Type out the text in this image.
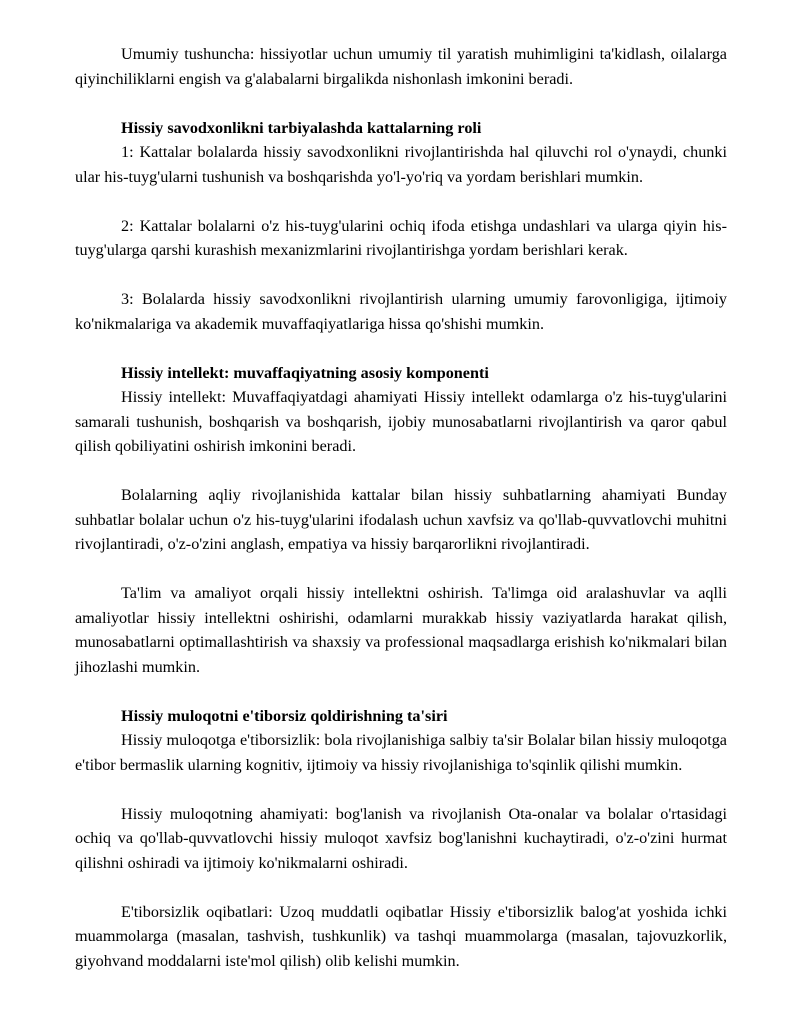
Umumiy tushuncha: hissiyotlar uchun umumiy til yaratish muhimligini ta'kidlash, oilalarga qiyinchiliklarni engish va g'alabalarni birgalikda nishonlash imkonini beradi.

Hissiy savodxonlikni tarbiyalashda kattalarning roli

1: Kattalar bolalarda hissiy savodxonlikni rivojlantirishda hal qiluvchi rol o'ynaydi, chunki ular his-tuyg'ularni tushunish va boshqarishda yo'l-yo'riq va yordam berishlari mumkin.

2: Kattalar bolalarni o'z his-tuyg'ularini ochiq ifoda etishga undashlari va ularga qiyin his-tuyg'ularga qarshi kurashish mexanizmlarini rivojlantirishga yordam berishlari kerak.

3: Bolalarda hissiy savodxonlikni rivojlantirish ularning umumiy farovonligiga, ijtimoiy ko'nikmalariga va akademik muvaffaqiyatlariga hissa qo'shishi mumkin.

Hissiy intellekt: muvaffaqiyatning asosiy komponenti

Hissiy intellekt: Muvaffaqiyatdagi ahamiyati Hissiy intellekt odamlarga o'z his-tuyg'ularini samarali tushunish, boshqarish va boshqarish, ijobiy munosabatlarni rivojlantirish va qaror qabul qilish qobiliyatini oshirish imkonini beradi.

Bolalarning aqliy rivojlanishida kattalar bilan hissiy suhbatlarning ahamiyati Bunday suhbatlar bolalar uchun o'z his-tuyg'ularini ifodalash uchun xavfsiz va qo'llab-quvvatlovchi muhitni rivojlantiradi, o'z-o'zini anglash, empatiya va hissiy barqarorlikni rivojlantiradi.

Ta'lim va amaliyot orqali hissiy intellektni oshirish. Ta'limga oid aralashuvlar va aqlli amaliyotlar hissiy intellektni oshirishi, odamlarni murakkab hissiy vaziyatlarda harakat qilish, munosabatlarni optimallashtirish va shaxsiy va professional maqsadlarga erishish ko'nikmalari bilan jihozlashi mumkin.

Hissiy muloqotni e'tiborsiz qoldirishning ta'siri

Hissiy muloqotga e'tiborsizlik: bola rivojlanishiga salbiy ta'sir Bolalar bilan hissiy muloqotga e'tibor bermaslik ularning kognitiv, ijtimoiy va hissiy rivojlanishiga to'sqinlik qilishi mumkin.

Hissiy muloqotning ahamiyati: bog'lanish va rivojlanish Ota-onalar va bolalar o'rtasidagi ochiq va qo'llab-quvvatlovchi hissiy muloqot xavfsiz bog'lanishni kuchaytiradi, o'z-o'zini hurmat qilishni oshiradi va ijtimoiy ko'nikmalarni oshiradi.

E'tiborsizlik oqibatlari: Uzoq muddatli oqibatlar Hissiy e'tiborsizlik balog'at yoshida ichki muammolarga (masalan, tashvish, tushkunlik) va tashqi muammolarga (masalan, tajovuzkorlik, giyohvand moddalarni iste'mol qilish) olib kelishi mumkin.
